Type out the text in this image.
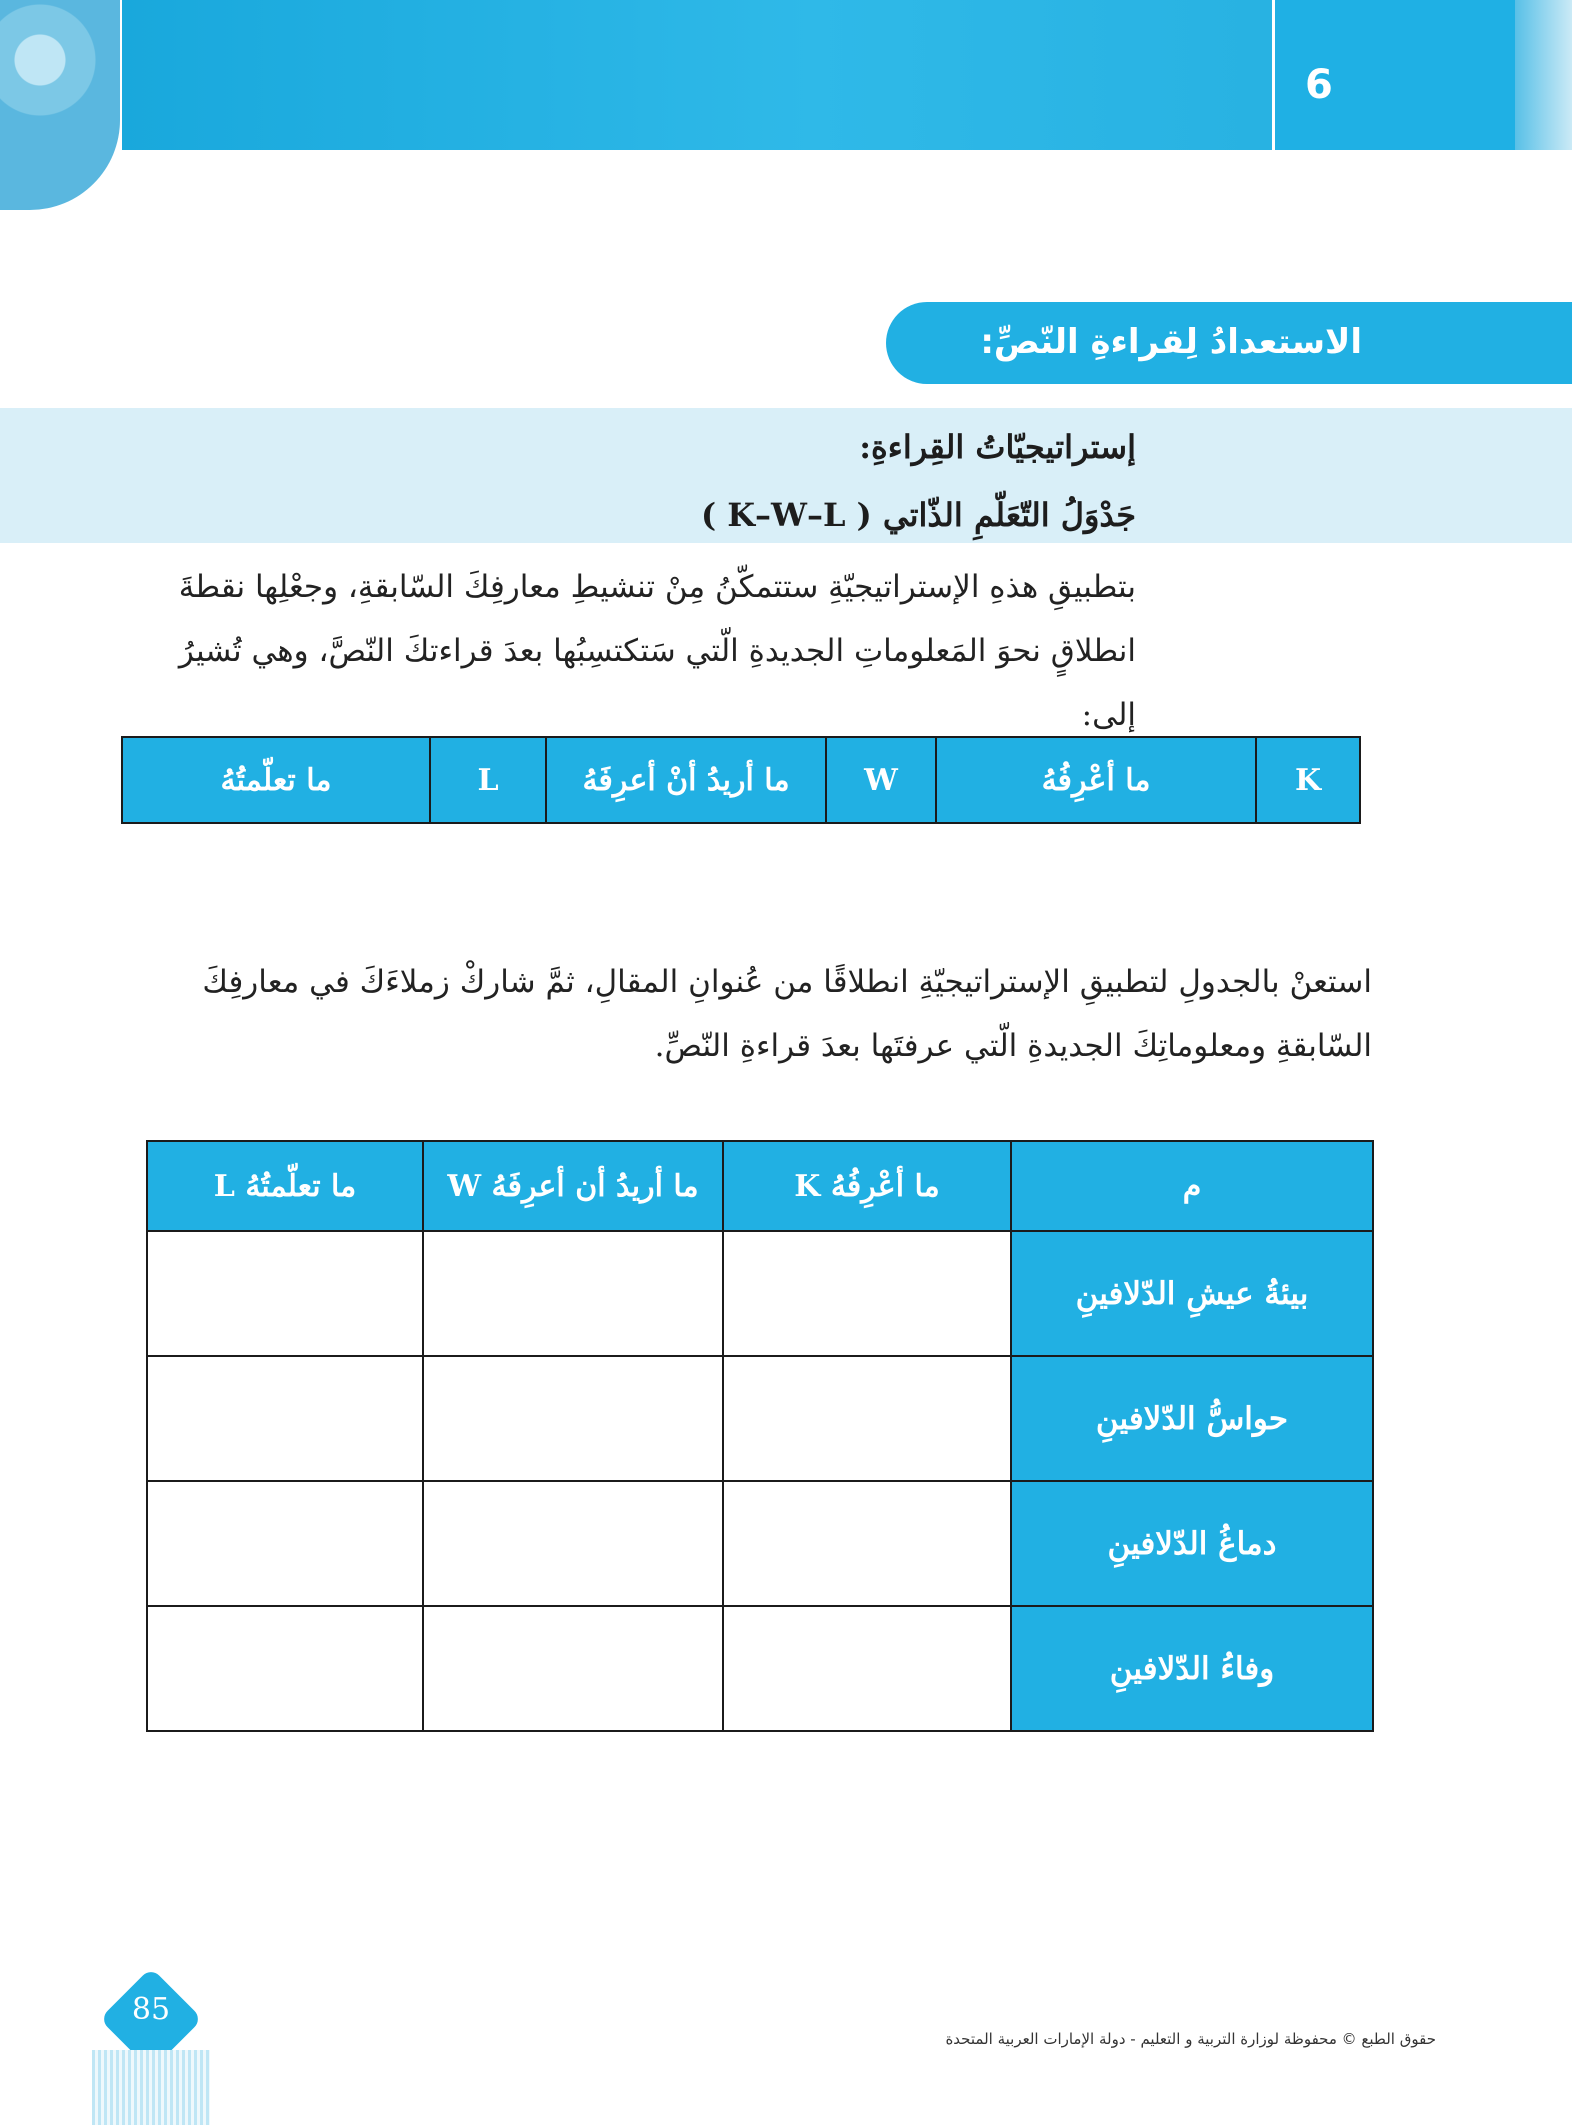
6
الاستعدادُ لِقراءةِ النّصِّ:
إستراتيجيّاتُ القِراءةِ:
جَدْوَلُ التّعَلّمِ الذّاتي ( K–W–L )
بتطبيقِ هذهِ الإستراتيجيّةِ ستتمكّنُ مِنْ تنشيطِ معارفِكَ السّابقةِ، وجعْلِها نقطةَ انطلاقٍ نحوَ المَعلوماتِ الجديدةِ الّتي سَتكتسِبُها بعدَ قراءتكَ النّصَّ، وهي تُشيرُ إلى:
K	ما أعْرِفُهُ	W	ما أريدُ أنْ أعرِفَهُ	L	ما تعلّمتُهُ
استعنْ بالجدولِ لتطبيقِ الإستراتيجيّةِ انطلاقًا من عُنوانِ المقالِ، ثمَّ شاركْ زملاءَكَ في معارفِكَ السّابقةِ ومعلوماتِكَ الجديدةِ الّتي عرفتَها بعدَ قراءةِ النّصِّ.
م	ما أعْرِفُهُ K	ما أريدُ أن أعرِفَهُ W	ما تعلّمتُهُ L
بيئةُ عيشِ الدّلافينِ			
حواسُّ الدّلافينِ			
دماغُ الدّلافينِ			
وفاءُ الدّلافينِ			
85
حقوق الطبع © محفوظة لوزارة التربية و التعليم - دولة الإمارات العربية المتحدة
